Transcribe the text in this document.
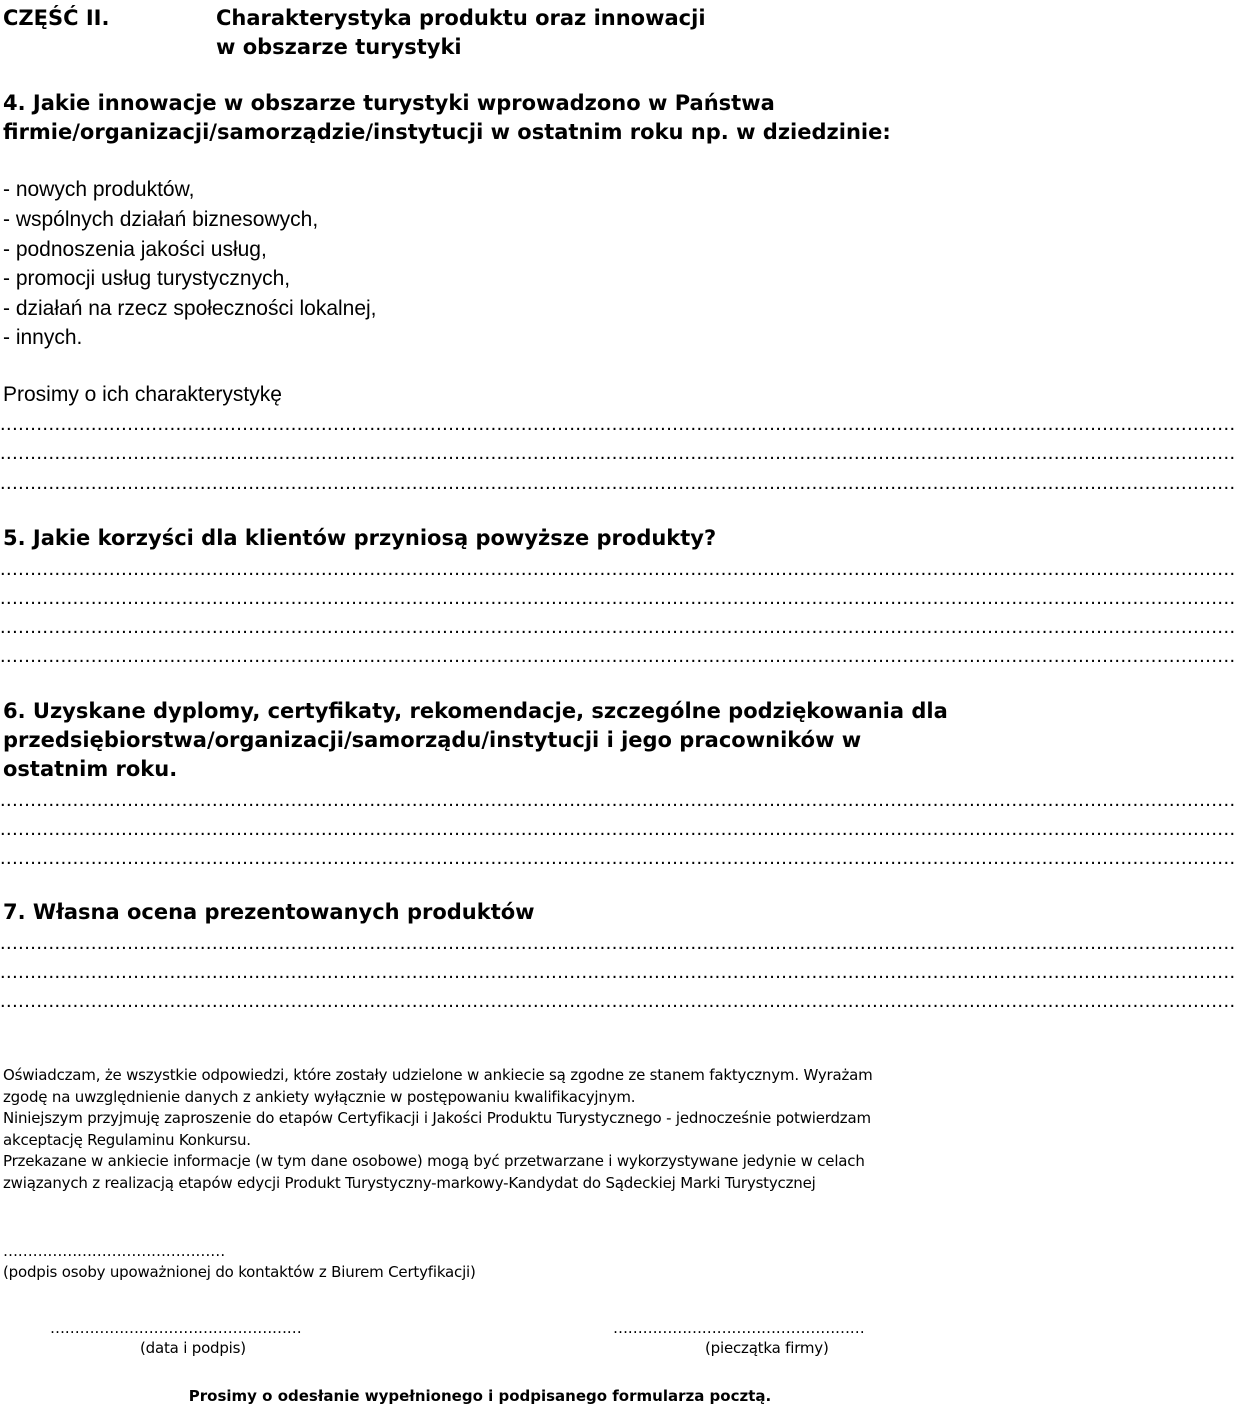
CZĘŚĆ II.	Charakterystyka produktu oraz innowacji
w obszarze turystyki
4. Jakie innowacje w obszarze turystyki wprowadzono w Państwa
firmie/organizacji/samorządzie/instytucji w ostatnim roku np. w dziedzinie:
- nowych produktów,
- wspólnych działań biznesowych,
- podnoszenia jakości usług,
- promocji usług turystycznych,
- działań na rzecz społeczności lokalnej,
- innych.
Prosimy o ich charakterystykę
............................................................................................................................................................................................................
............................................................................................................................................................................................................
............................................................................................................................................................................................................
5. Jakie korzyści dla klientów przyniosą powyższe produkty?
............................................................................................................................................................................................................
............................................................................................................................................................................................................
............................................................................................................................................................................................................
............................................................................................................................................................................................................
6. Uzyskane dyplomy, certyfikaty, rekomendacje, szczególne podziękowania dla
przedsiębiorstwa/organizacji/samorządu/instytucji i jego pracowników w
ostatnim roku.
............................................................................................................................................................................................................
............................................................................................................................................................................................................
............................................................................................................................................................................................................
7. Własna ocena prezentowanych produktów
............................................................................................................................................................................................................
............................................................................................................................................................................................................
............................................................................................................................................................................................................
Oświadczam, że wszystkie odpowiedzi, które zostały udzielone w ankiecie są zgodne ze stanem faktycznym. Wyrażam
zgodę na uwzględnienie danych z ankiety wyłącznie w postępowaniu kwalifikacyjnym.
Niniejszym przyjmuję zaproszenie do etapów Certyfikacji i Jakości Produktu Turystycznego - jednocześnie potwierdzam
akceptację Regulaminu Konkursu.
Przekazane w ankiecie informacje (w tym dane osobowe) mogą być przetwarzane i wykorzystywane jedynie w celach
związanych z realizacją etapów edycji Produkt Turystyczny-markowy-Kandydat do Sądeckiej Marki Turystycznej
………………………………………
(podpis osoby upoważnionej do kontaktów z Biurem Certyfikacji)
……………………………………………
(data i podpis)
……………………………………………
(pieczątka firmy)
Prosimy o odesłanie wypełnionego i podpisanego formularza pocztą.
